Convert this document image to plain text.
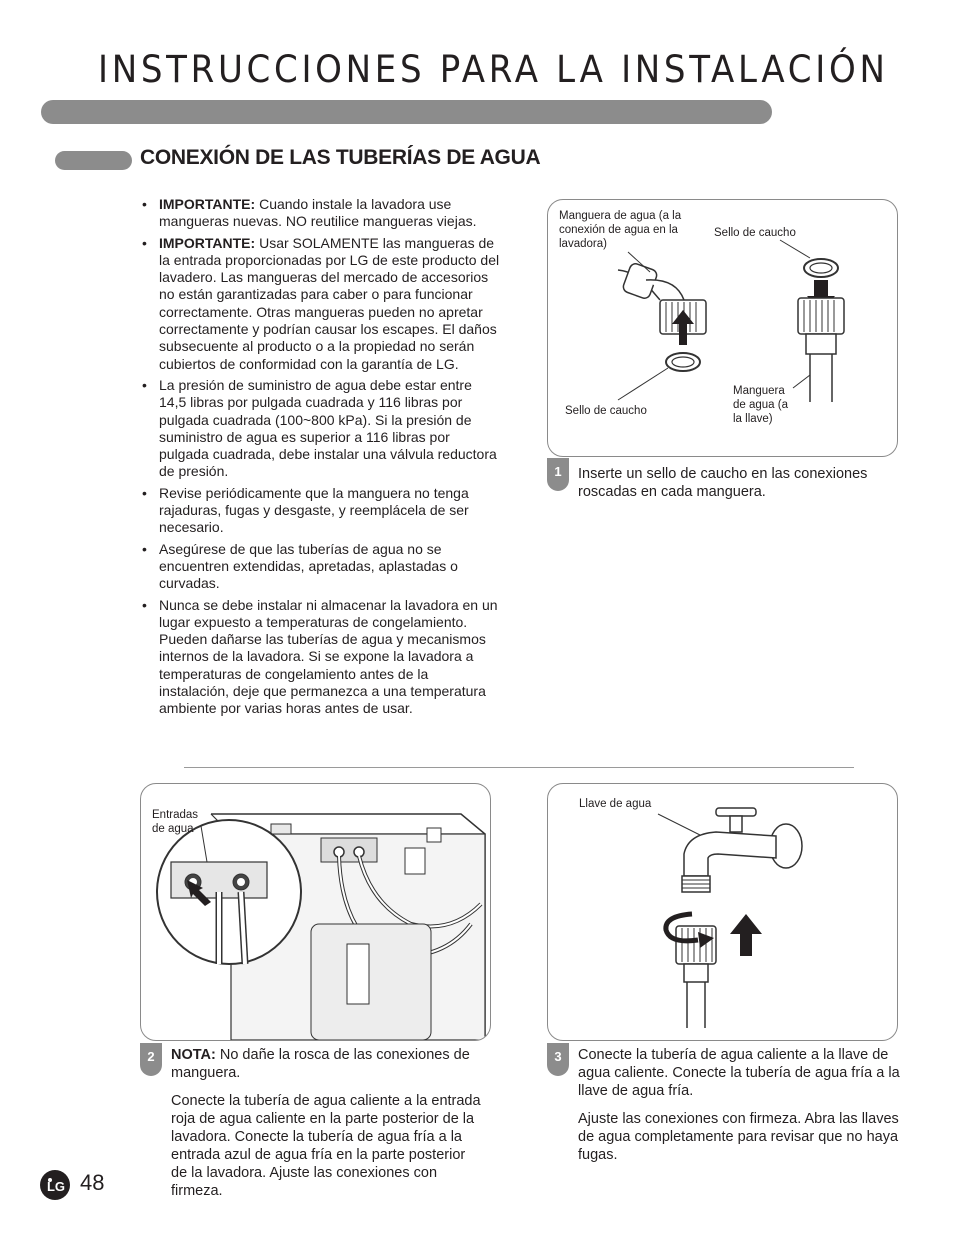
INSTRUCCIONES PARA LA INSTALACIÓN
CONEXIÓN DE LAS TUBERÍAS DE AGUA
• IMPORTANTE: Cuando instale la lavadora use mangueras nuevas. NO reutilice mangueras viejas.
• IMPORTANTE: Usar SOLAMENTE las mangueras de la entrada proporcionadas por LG de este producto del lavadero. Las mangueras del mercado de accesorios no están garantizadas para caber o para funcionar correctamente. Otras mangueras pueden no apretar correctamente y podrían causar los escapes. El daños subsecuente al producto o a la propiedad no serán cubiertos de conformidad con la garantía de LG.
• La presión de suministro de agua debe estar entre 14,5 libras por pulgada cuadrada y 116 libras por pulgada cuadrada (100~800 kPa). Si la presión de suministro de agua es superior a 116 libras por pulgada cuadrada, debe instalar una válvula reductora de presión.
• Revise periódicamente que la manguera no tenga rajaduras, fugas y desgaste, y reemplácela de ser necesario.
• Asegúrese de que las tuberías de agua no se encuentren extendidas, apretadas, aplastadas o curvadas.
• Nunca se debe instalar ni almacenar la lavadora en un lugar expuesto a temperaturas de congelamiento. Pueden dañarse las tuberías de agua y mecanismos internos de la lavadora. Si se expone la lavadora a temperaturas de congelamiento antes de la instalación, deje que permanezca a una temperatura ambiente por varias horas antes de usar.
Manguera de agua (a la conexión de agua en la lavadora)
Sello de caucho
Sello de caucho
Manguera de agua (a la llave)
1	Inserte un sello de caucho en las conexiones roscadas en cada manguera.
Entradas de agua
2	NOTA: No dañe la rosca de las conexiones de manguera.

Conecte la tubería de agua caliente a la entrada roja de agua caliente en la parte posterior de la lavadora. Conecte la tubería de agua fría a la entrada azul de agua fría en la parte posterior de la lavadora. Ajuste las conexiones con firmeza.

Llave de agua
3	Conecte la tubería de agua caliente a la llave de agua caliente. Conecte la tubería de agua fría a la llave de agua fría.

Ajuste las conexiones con firmeza. Abra las llaves de agua completamente para revisar que no haya fugas.

LG 48
